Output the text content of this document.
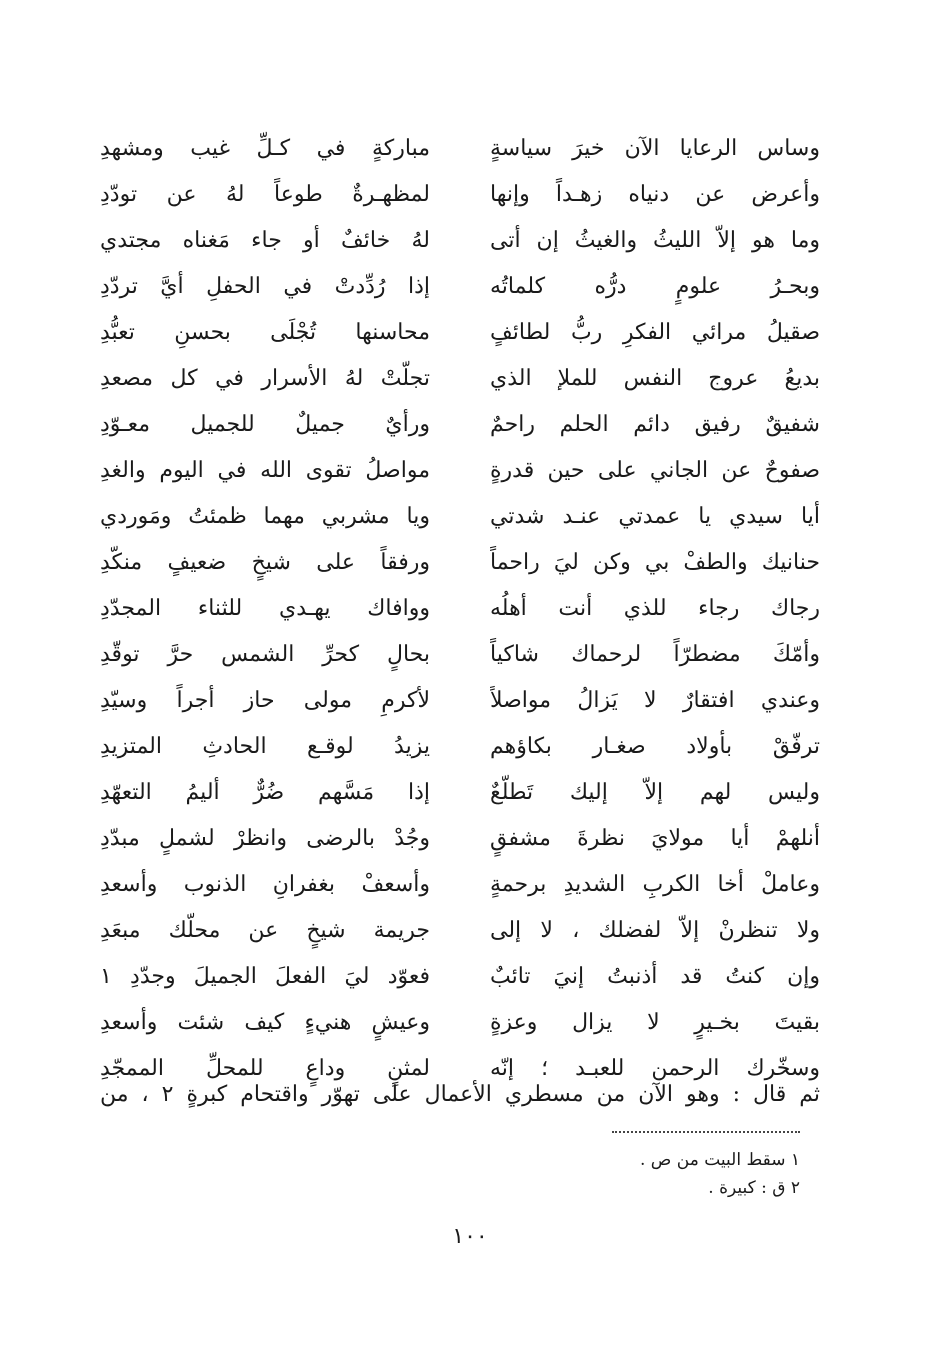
وساس الرعايا الآن خيرَ سياسةٍ
مباركةٍ في كـلِّ غيب ومشهدِ
وأعرض عن دنياه زهـداً وإنها
لمظهـرةٌ طوعاً لهُ عن تودّدِ
وما هو إلاّ الليثُ والغيثُ إن أتى
لهُ خائفٌ أو جاء مَغناه مجتدي
وبحـرُ علومٍ درُّه كلماتُه
إذا رُدِّدتْ في الحفلِ أيَّ تردّدِ
صقيلُ مرائي الفكرِ ربُّ لطائفٍ
محاسنها تُجْلَى بحسنِ تعبُّدِ
بديعُ عروج النفس للملإ الذي
تجلّتْ لهُ الأسرار في كل مصعدِ
شفيقٌ رفيق دائم الحلم راحمٌ
ورأيٌ جميلٌ للجميل معـوّدِ
صفوحٌ عن الجاني على حين قدرةٍ
مواصلُ تقوى الله في اليوم والغدِ
أيا سيدي يا عمدتي عنـد شدتي
ويا مشربي مهما ظمئتُ ومَوردي
حنانيك والطفْ بي وكن ليَ راحماً
ورفقاً على شيخٍ ضعيفٍ منكّدِ
رجاك رجاء للذي أنت أهلُه
ووافاك يهـدي للثناء المجدّدِ
وأمّكَ مضطرّاً لرحماك شاكياً
بحالٍ كحرِّ الشمس حرَّ توقّدِ
وعندي افتقارٌ لا يَزالُ مواصلاً
لأكرمِ مولى حاز أجراً وسيّدِ
ترفّقْ بأولاد صغـار بكاؤهم
يزيدُ لوقـع الحادثِ المتزيدِ
وليس لهم إلاّ إليك تَطلّعٌ
إذا مَسَّهم ضُرٌّ أليمُ التعهّدِ
أنلهمْ أيا مولايَ نظرةَ مشفقٍ
وجُدْ بالرضى وانظرْ لشملٍ مبدّدِ
وعاملْ أخا الكربِ الشديدِ برحمةٍ
وأسعفْ بغفرانِ الذنوب وأسعدِ
ولا تنظرنْ إلاّ لفضلك ، لا إلى
جريمة شيخٍ عن محلّك مبعَدِ
وإن كنتُ قد أذنبتُ إنيَ تائبٌ
فعوّد ليَ الفعلَ الجميلَ وجدّدِ ١
بقيتَ بخـيرٍ لا يزال وعزةٍ
وعيشٍ هنيءٍ كيف شئت وأسعدِ
وسخّرك الرحمن للعبـد ؛ إنّه
لمثنٍ وداعٍ للمحلِّ الممجّدِ
ثم قال : وهو الآن من مسطري الأعمال على تهوّر واقتحام كبرةٍ ٢ ، من
١ سقط البيت من ص .
٢ ق : كبيرة .
١٠٠
